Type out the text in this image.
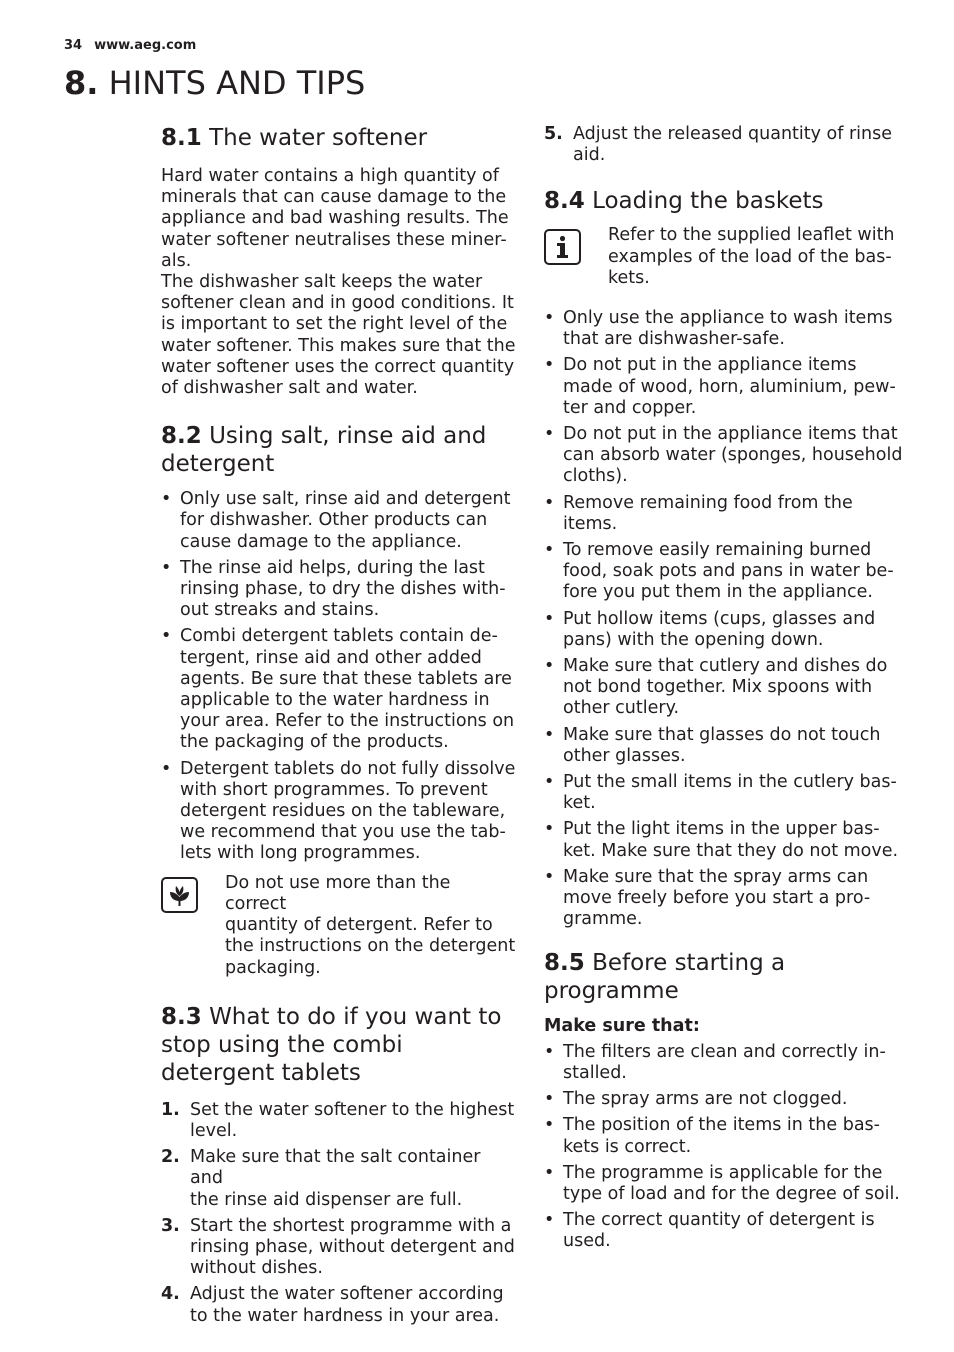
34 www.aeg.com
8. HINTS AND TIPS
8.1 The water softener
Hard water contains a high quantity of
minerals that can cause damage to the
appliance and bad washing results. The
water softener neutralises these miner-
als.
The dishwasher salt keeps the water
softener clean and in good conditions. It
is important to set the right level of the
water softener. This makes sure that the
water softener uses the correct quantity
of dishwasher salt and water.
8.2 Using salt, rinse aid and
detergent
• Only use salt, rinse aid and detergent
for dishwasher. Other products can
cause damage to the appliance.
• The rinse aid helps, during the last
rinsing phase, to dry the dishes with-
out streaks and stains.
• Combi detergent tablets contain de-
tergent, rinse aid and other added
agents. Be sure that these tablets are
applicable to the water hardness in
your area. Refer to the instructions on
the packaging of the products.
• Detergent tablets do not fully dissolve
with short programmes. To prevent
detergent residues on the tableware,
we recommend that you use the tab-
lets with long programmes.
Do not use more than the correct
quantity of detergent. Refer to
the instructions on the detergent
packaging.
8.3 What to do if you want to
stop using the combi
detergent tablets
1. Set the water softener to the highest
level.
2. Make sure that the salt container and
the rinse aid dispenser are full.
3. Start the shortest programme with a
rinsing phase, without detergent and
without dishes.
4. Adjust the water softener according
to the water hardness in your area.
5. Adjust the released quantity of rinse
aid.
8.4 Loading the baskets
Refer to the supplied leaflet with
examples of the load of the bas-
kets.
• Only use the appliance to wash items
that are dishwasher-safe.
• Do not put in the appliance items
made of wood, horn, aluminium, pew-
ter and copper.
• Do not put in the appliance items that
can absorb water (sponges, household
cloths).
• Remove remaining food from the
items.
• To remove easily remaining burned
food, soak pots and pans in water be-
fore you put them in the appliance.
• Put hollow items (cups, glasses and
pans) with the opening down.
• Make sure that cutlery and dishes do
not bond together. Mix spoons with
other cutlery.
• Make sure that glasses do not touch
other glasses.
• Put the small items in the cutlery bas-
ket.
• Put the light items in the upper bas-
ket. Make sure that they do not move.
• Make sure that the spray arms can
move freely before you start a pro-
gramme.
8.5 Before starting a
programme
Make sure that:
• The filters are clean and correctly in-
stalled.
• The spray arms are not clogged.
• The position of the items in the bas-
kets is correct.
• The programme is applicable for the
type of load and for the degree of soil.
• The correct quantity of detergent is
used.
